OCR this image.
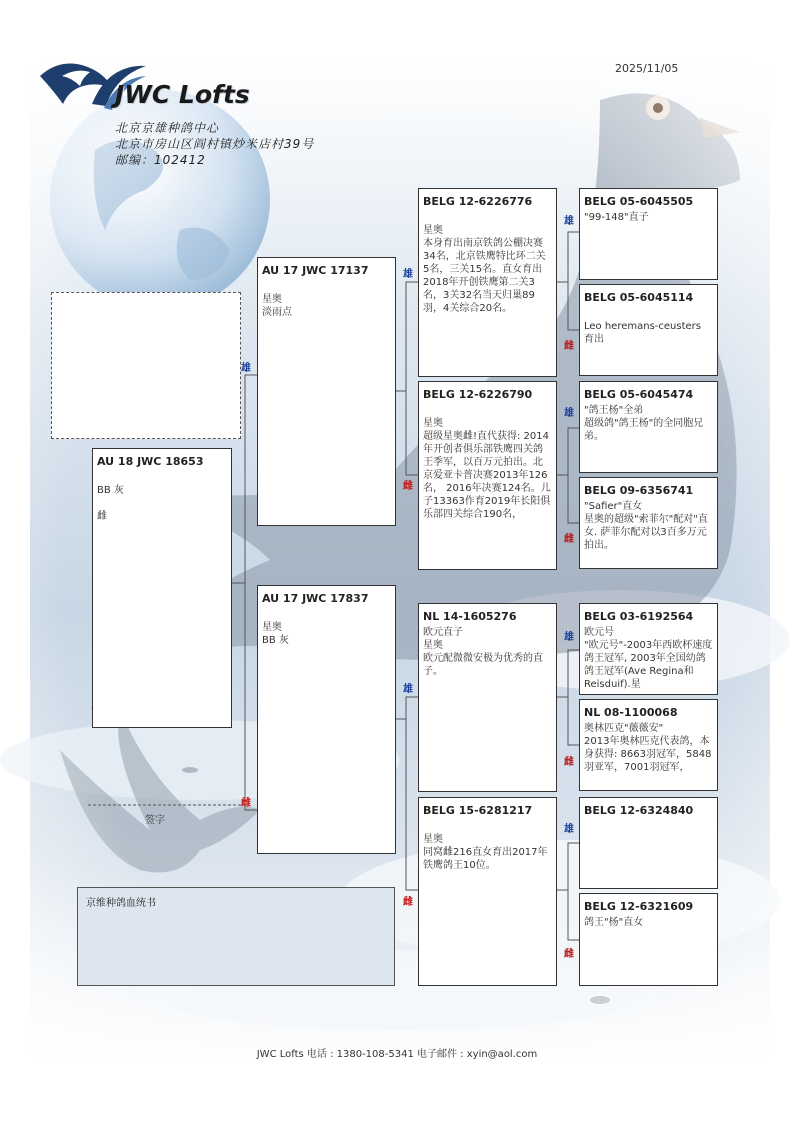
2025/11/05
JWC Lofts
北京京雄种鸽中心
北京市房山区阎村镇炒米店村39号
邮编：102412
雄
雌
雄
雌
雄
雌
雄
雌
雄
雌
雄
雌
雄
雌
AU 18 JWC 18653
BB 灰
雌
AU 17 JWC 17137
星奥
淡雨点
AU 17 JWC 17837
星奥
BB 灰
BELG 12-6226776
星奥
本身育出南京铁鸽公棚决赛34名，北京铁鹰特比环二关5名，三关15名。直女育出2018年开创铁鹰第二关3名，3关32名当天归巢89羽，4关综合20名。
BELG 12-6226790
星奥
超级星奥雌!直代获得: 2014年开创者俱乐部铁鹰四关鸽王季军，以百万元拍出。北京爱亚卡普决赛2013年126名， 2016年决赛124名。儿子13363作育2019年长阳俱乐部四关综合190名，
NL 14-1605276
欧元直子
星奥
欧元配微微安极为优秀的直子。
BELG 15-6281217
星奥
同窝雌216直女育出2017年铁鹰鸽王10位。
BELG 05-6045505
"99-148"直子
BELG 05-6045114
Leo heremans-ceusters 育出
BELG 05-6045474
"鸽王杨"全弟
超级鸽"鸽王杨"的全同胞兄弟。
BELG 09-6356741
"Safier"直女
星奥的超级"索菲尔"配对"直女. 萨菲尔配对以3百多万元拍出。
BELG 03-6192564
欧元号
"欧元号"-2003年西欧杯速度鸽王冠军, 2003年全国幼鸽鸽王冠军(Ave Regina和Reisduif).星
NL 08-1100068
奥林匹克"薇薇安"
2013年奥林匹克代表鸽，本身获得: 8663羽冠军，5848羽亚军，7001羽冠军，
BELG 12-6324840
BELG 12-6321609
鸽王"杨"直女
签字
京维种鸽血统书
JWC Lofts 电话 : 1380-108-5341 电子邮件 : xyin@aol.com
